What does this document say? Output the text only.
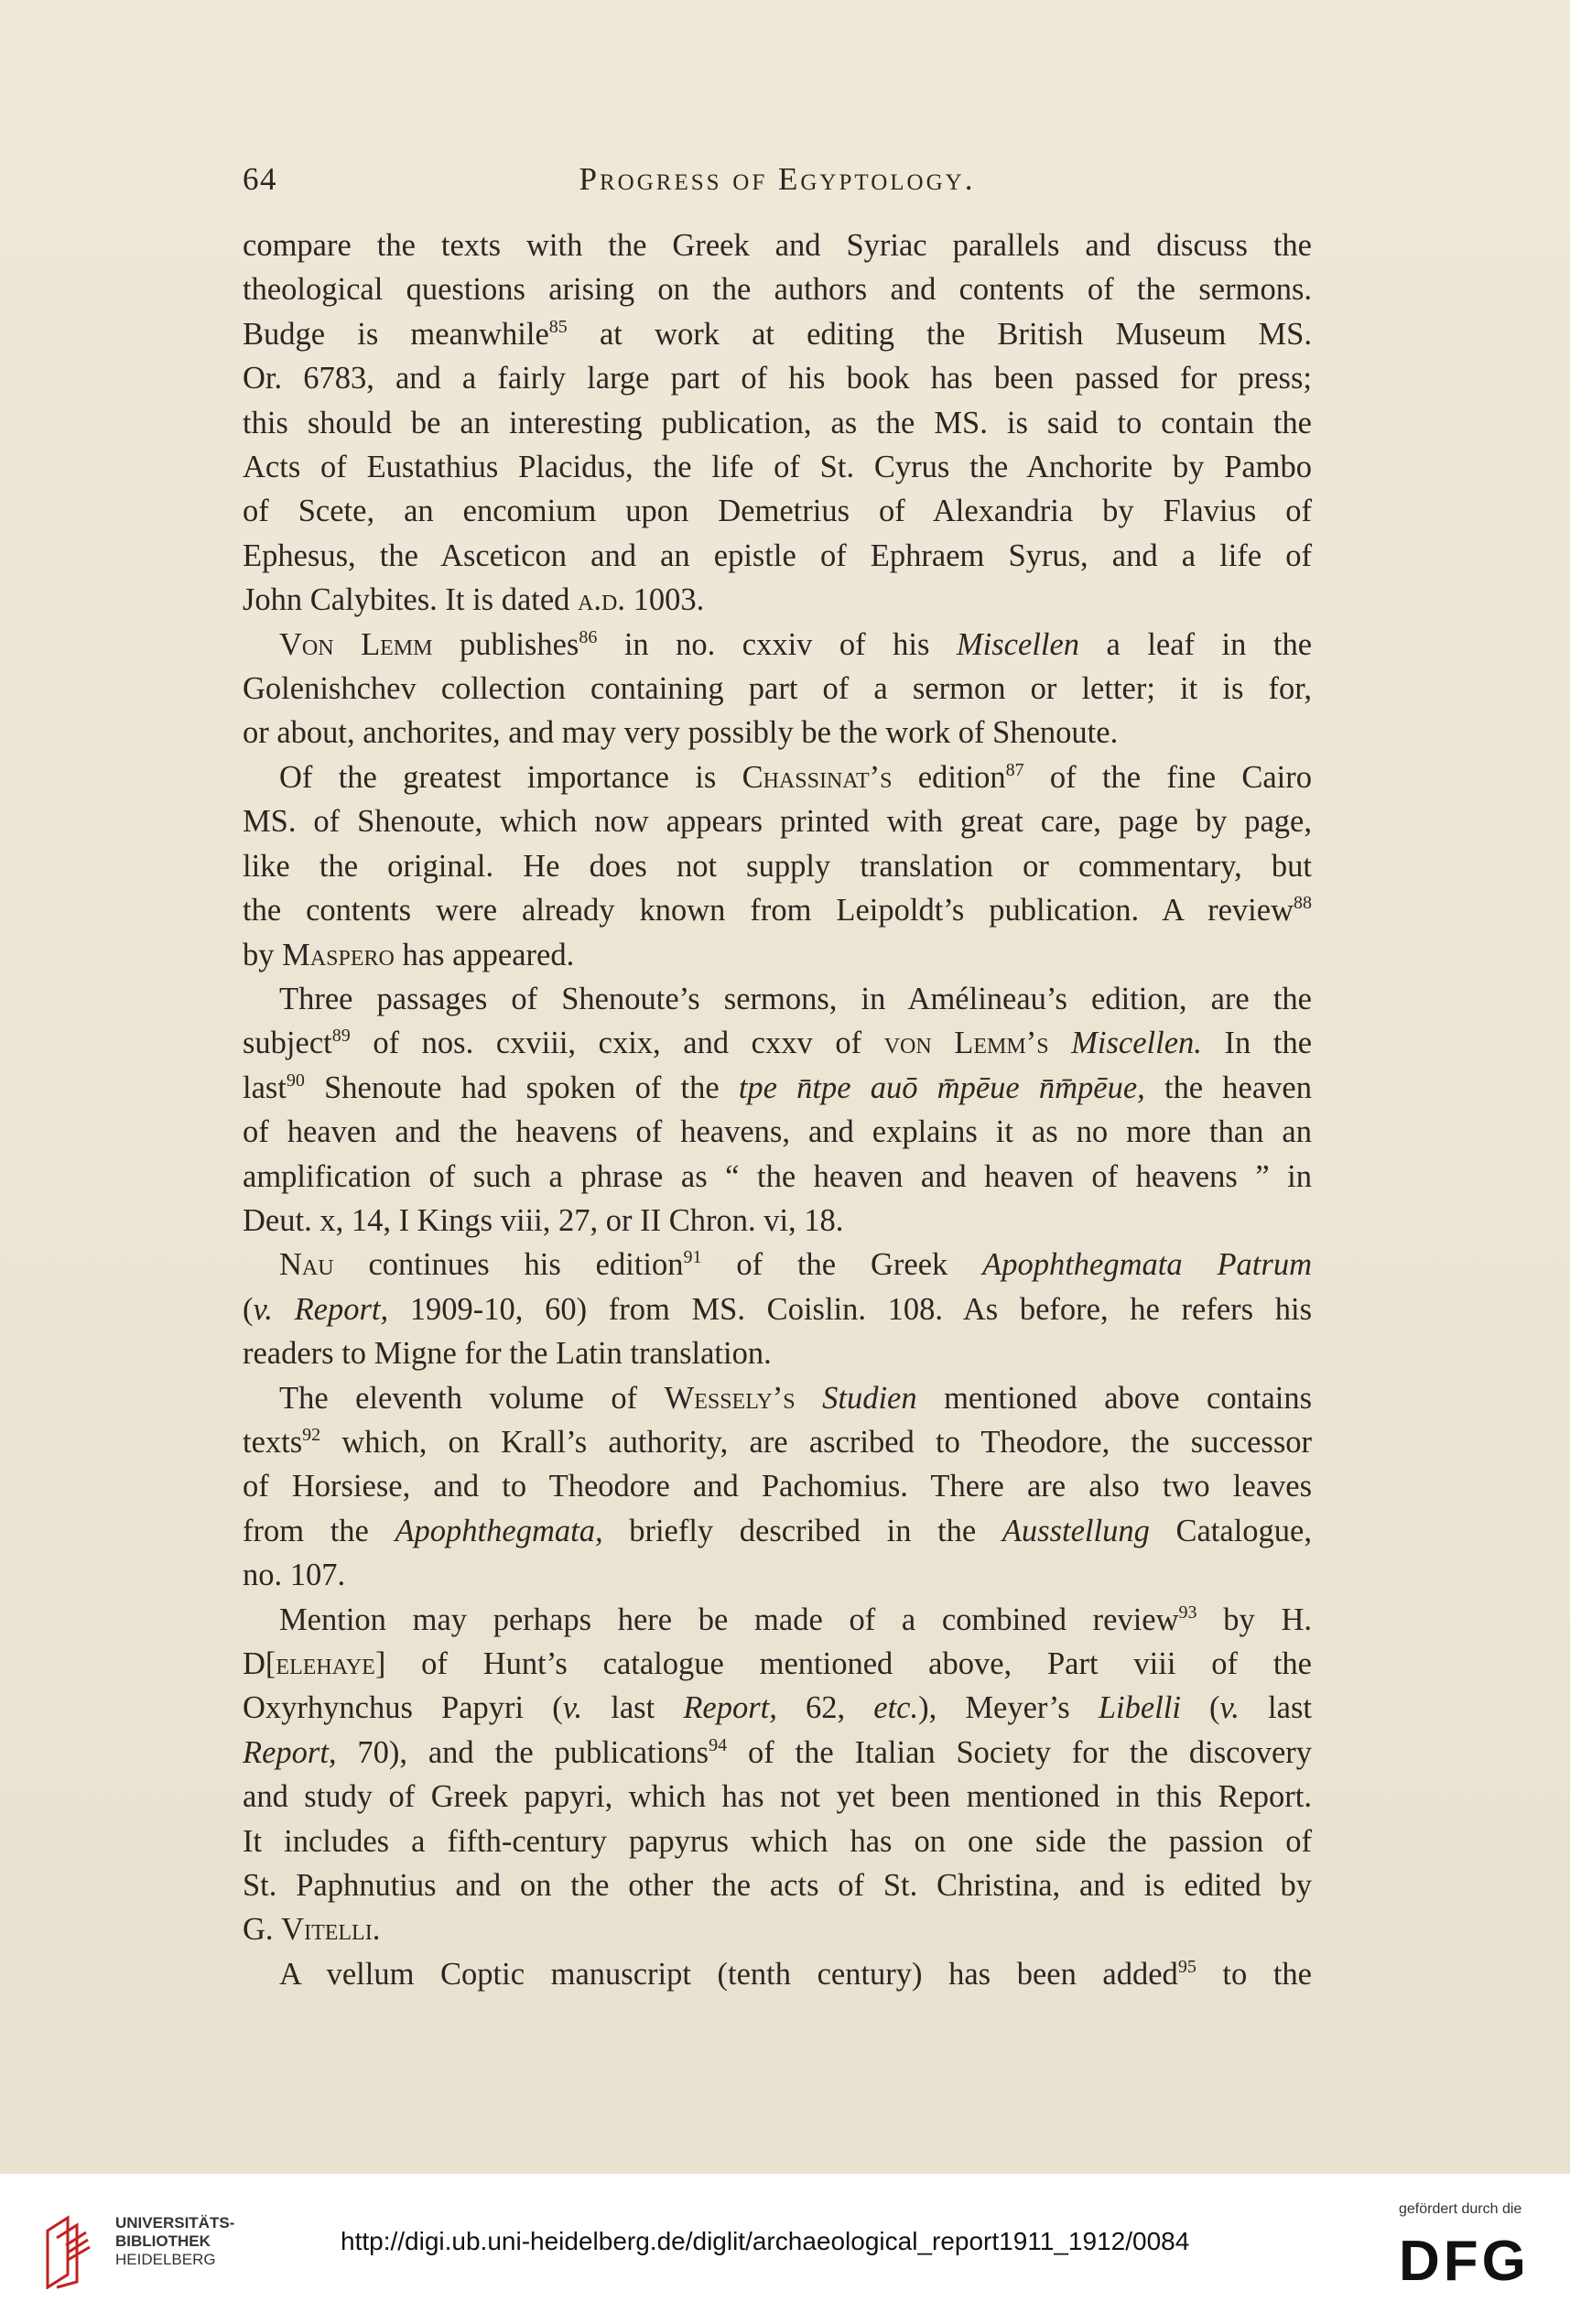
64	Progress of Egyptology.

compare the texts with the Greek and Syriac parallels and discuss the

theological questions arising on the authors and contents of the sermons.

Budge is meanwhile$^{85}$ at work at editing the British Museum MS.

Or. 6783, and a fairly large part of his book has been passed for press;

this should be an interesting publication, as the MS. is said to contain the

Acts of Eustathius Placidus, the life of St. Cyrus the Anchorite by Pambo

of Scete, an encomium upon Demetrius of Alexandria by Flavius of

Ephesus, the Asceticon and an epistle of Ephraem Syrus, and a life of

John Calybites. It is dated a.d. 1003.

Von Lemm publishes$^{86}$ in no. cxxiv of his Miscellen a leaf in the

Golenishchev collection containing part of a sermon or letter; it is for,

or about, anchorites, and may very possibly be the work of Shenoute.

Of the greatest importance is Chassinat’s edition$^{87}$ of the fine Cairo

MS. of Shenoute, which now appears printed with great care, page by page,

like the original. He does not supply translation or commentary, but

the contents were already known from Leipoldt’s publication. A review$^{88}$

by Maspero has appeared.

Three passages of Shenoute’s sermons, in Amélineau’s edition, are the

subject$^{89}$ of nos. cxviii, cxix, and cxxv of von Lemm’s Miscellen. In the

last$^{90}$ Shenoute had spoken of the tpe n̄tpe auō m̄pēue n̄m̄pēue, the heaven

of heaven and the heavens of heavens, and explains it as no more than an

amplification of such a phrase as “ the heaven and heaven of heavens ” in

Deut. x, 14, I Kings viii, 27, or II Chron. vi, 18.

Nau continues his edition$^{91}$ of the Greek Apophthegmata Patrum

(v. Report, 1909-10, 60) from MS. Coislin. 108. As before, he refers his

readers to Migne for the Latin translation.

The eleventh volume of Wessely’s Studien mentioned above contains

texts$^{92}$ which, on Krall’s authority, are ascribed to Theodore, the successor

of Horsiese, and to Theodore and Pachomius. There are also two leaves

from the Apophthegmata, briefly described in the Ausstellung Catalogue,

no. 107.

Mention may perhaps here be made of a combined review$^{93}$ by H.

D[elehaye] of Hunt’s catalogue mentioned above, Part viii of the

Oxyrhynchus Papyri (v. last Report, 62, etc.), Meyer’s Libelli (v. last

Report, 70), and the publications$^{94}$ of the Italian Society for the discovery

and study of Greek papyri, which has not yet been mentioned in this Report.

It includes a fifth-century papyrus which has on one side the passion of

St. Paphnutius and on the other the acts of St. Christina, and is edited by

G. Vitelli.

A vellum Coptic manuscript (tenth century) has been added$^{95}$ to the

UNIVERSITÄTS-
BIBLIOTHEK
HEIDELBERG
http://digi.ub.uni-heidelberg.de/diglit/archaeological_report1911_1912/0084
gefördert durch die
DFG
